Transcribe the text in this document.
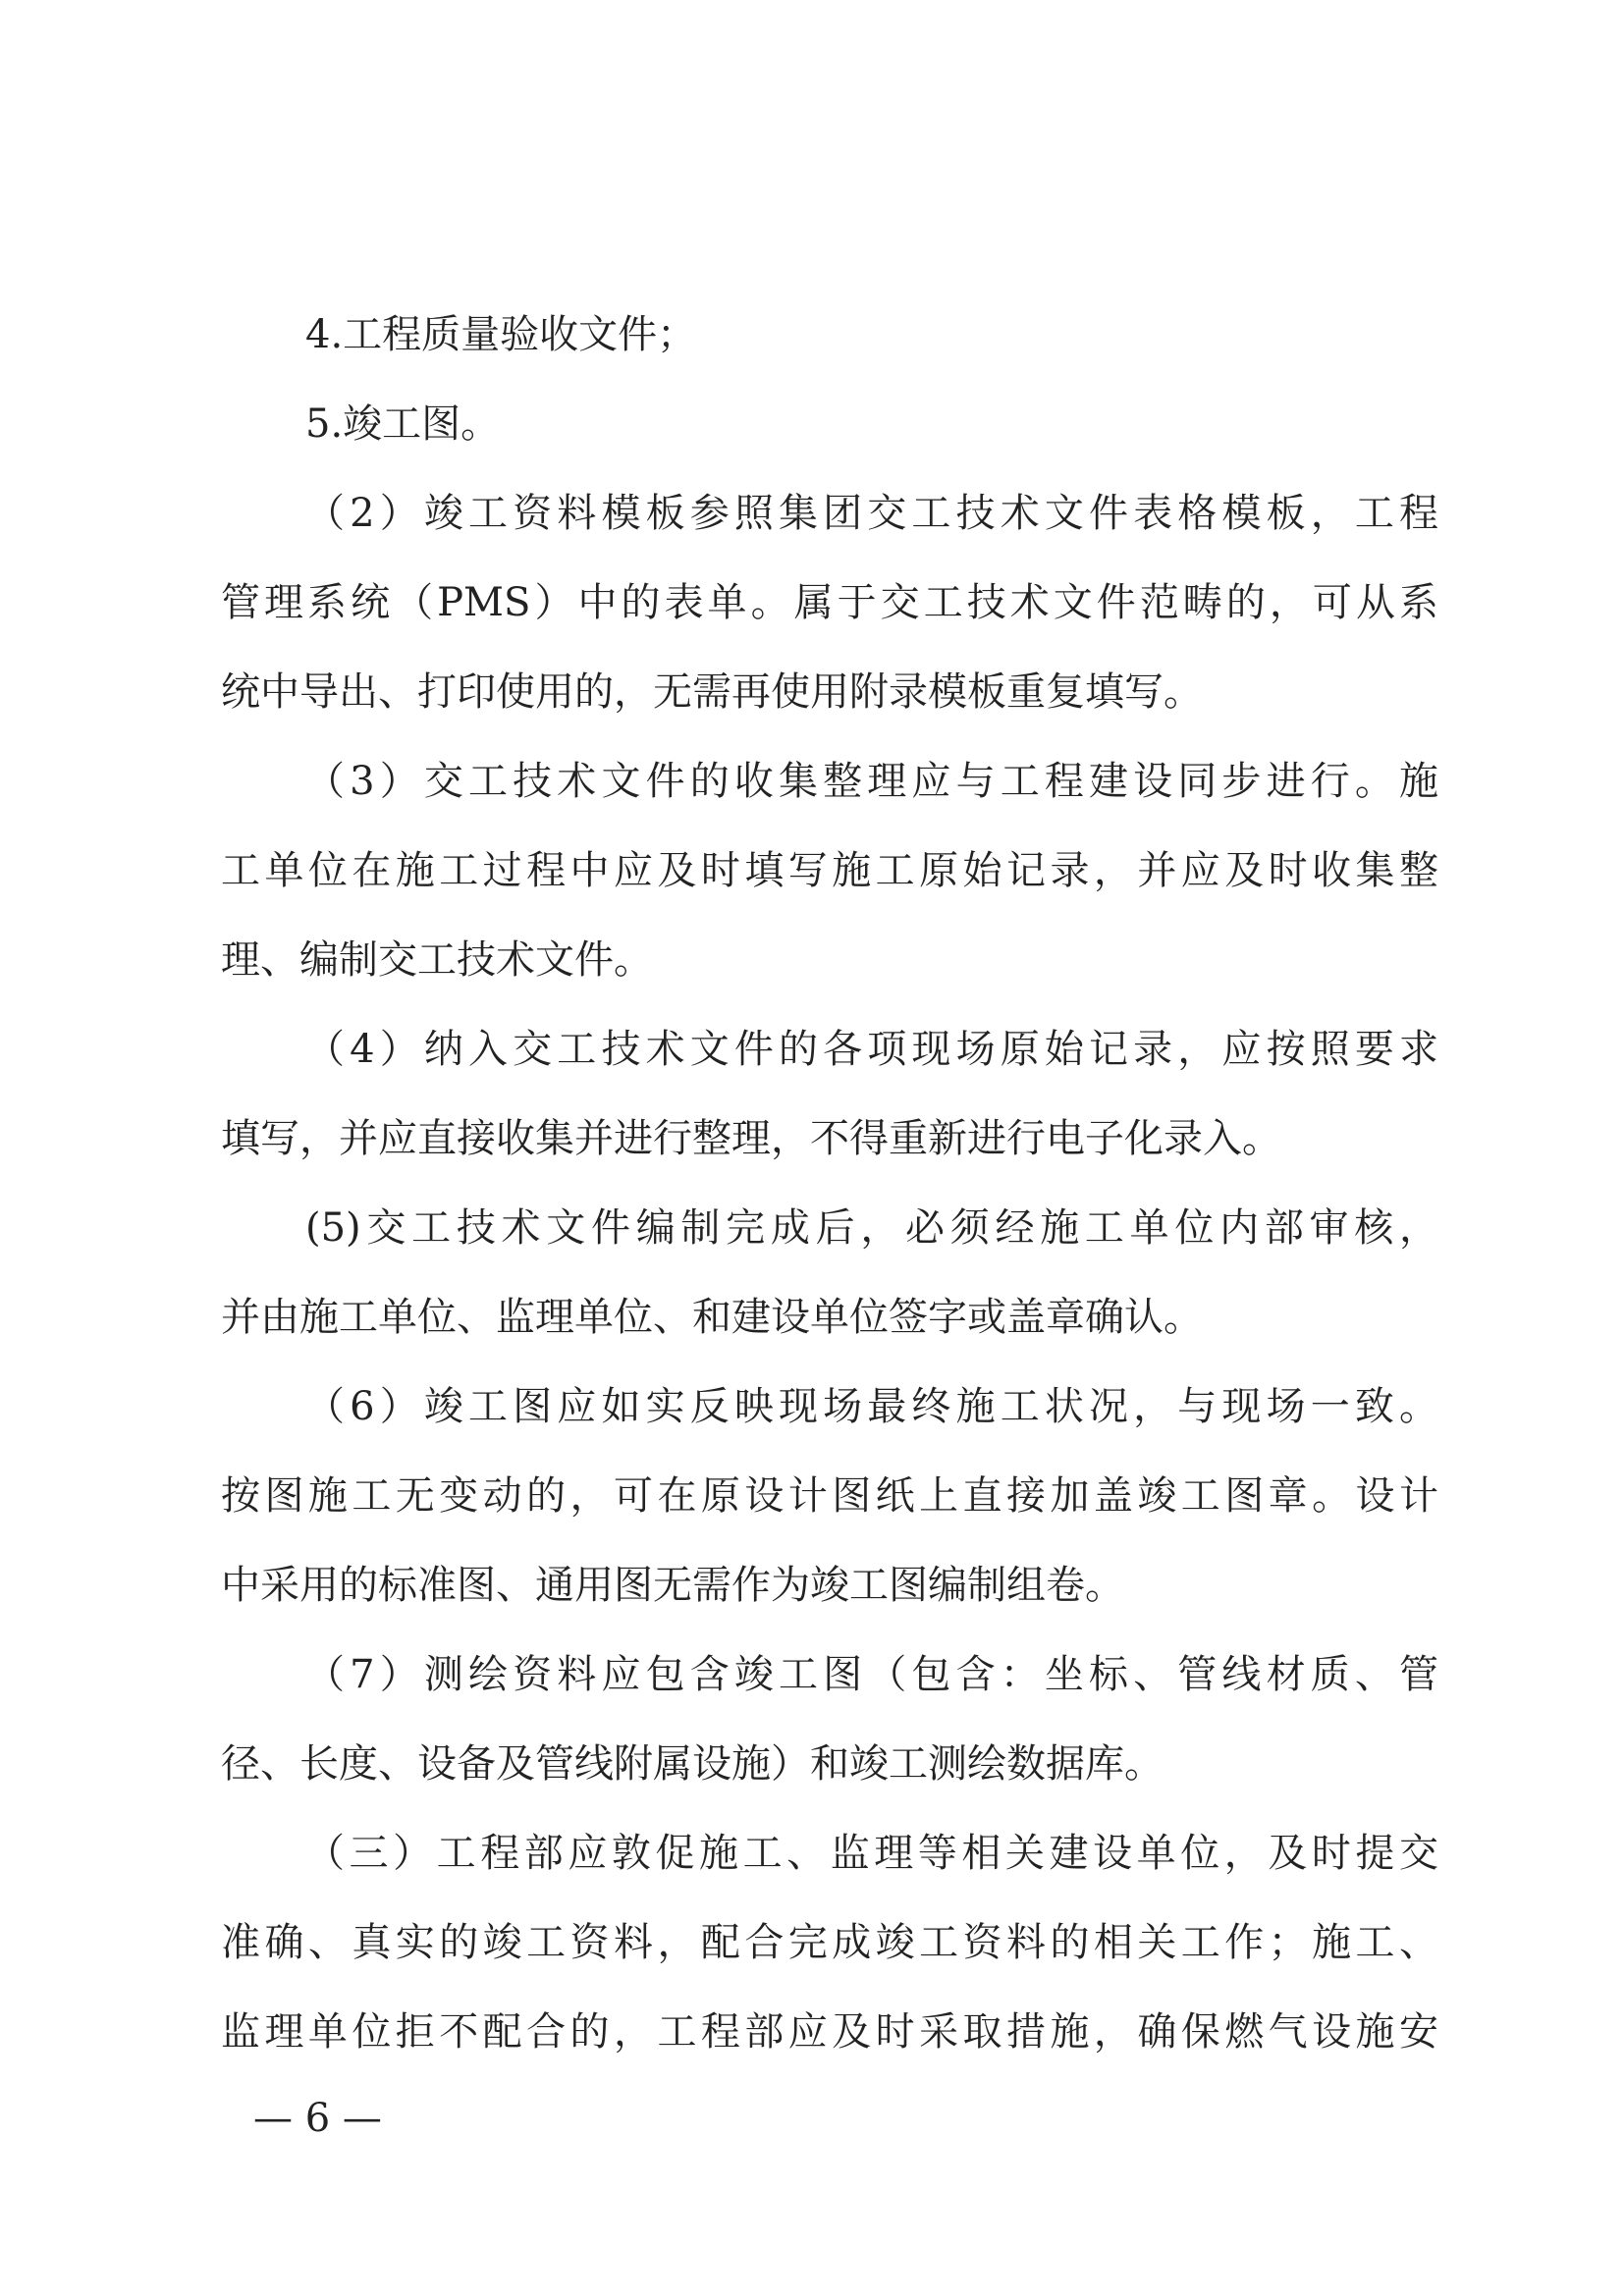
4.工程质量验收文件；
5.竣工图。
（2）竣工资料模板参照集团交工技术文件表格模板，工程
管理系统（PMS）中的表单。属于交工技术文件范畴的，可从系
统中导出、打印使用的，无需再使用附录模板重复填写。
（3）交工技术文件的收集整理应与工程建设同步进行。施
工单位在施工过程中应及时填写施工原始记录，并应及时收集整
理、编制交工技术文件。
（4）纳入交工技术文件的各项现场原始记录，应按照要求
填写，并应直接收集并进行整理，不得重新进行电子化录入。
(5)交工技术文件编制完成后，必须经施工单位内部审核，
并由施工单位、监理单位、和建设单位签字或盖章确认。
（6）竣工图应如实反映现场最终施工状况，与现场一致。
按图施工无变动的，可在原设计图纸上直接加盖竣工图章。设计
中采用的标准图、通用图无需作为竣工图编制组卷。
（7）测绘资料应包含竣工图（包含：坐标、管线材质、管
径、长度、设备及管线附属设施）和竣工测绘数据库。
（三）工程部应敦促施工、监理等相关建设单位，及时提交
准确、真实的竣工资料，配合完成竣工资料的相关工作；施工、
监理单位拒不配合的，工程部应及时采取措施，确保燃气设施安
— 6 —
